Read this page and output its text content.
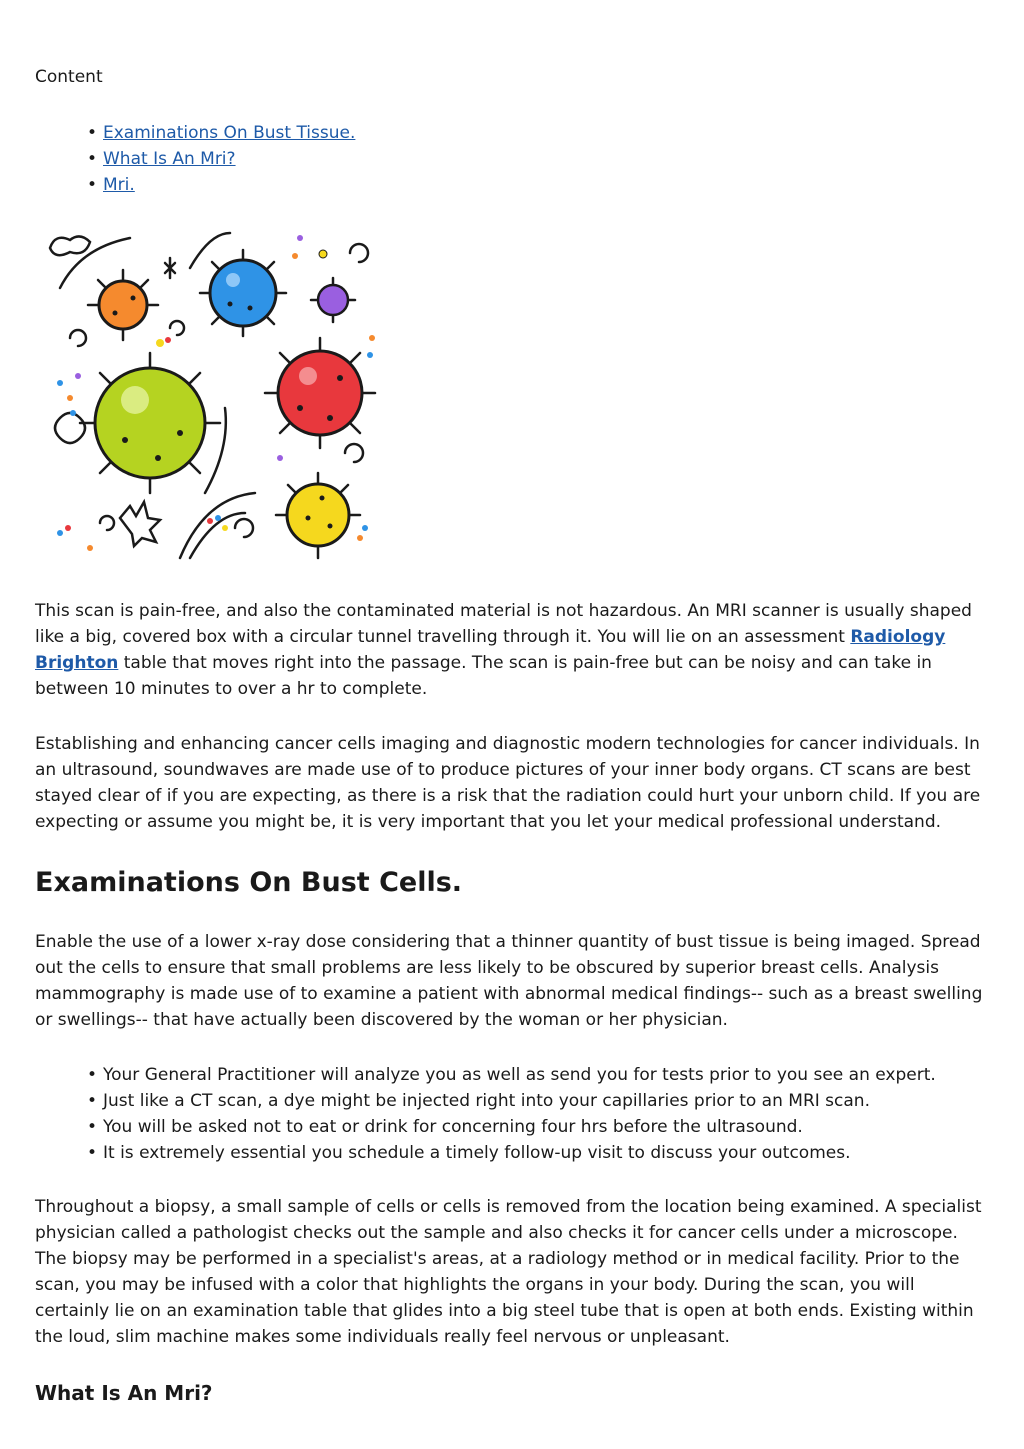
Content
• Examinations On Bust Tissue.
• What Is An Mri?
• Mri.

This scan is pain-free, and also the contaminated material is not hazardous. An MRI scanner is usually shaped like a big, covered box with a circular tunnel travelling through it. You will lie on an assessment Radiology Brighton table that moves right into the passage. The scan is pain-free but can be noisy and can take in between 10 minutes to over a hr to complete.

Establishing and enhancing cancer cells imaging and diagnostic modern technologies for cancer individuals. In an ultrasound, soundwaves are made use of to produce pictures of your inner body organs. CT scans are best stayed clear of if you are expecting, as there is a risk that the radiation could hurt your unborn child. If you are expecting or assume you might be, it is very important that you let your medical professional understand.

Examinations On Bust Cells.

Enable the use of a lower x-ray dose considering that a thinner quantity of bust tissue is being imaged. Spread out the cells to ensure that small problems are less likely to be obscured by superior breast cells. Analysis mammography is made use of to examine a patient with abnormal medical findings-- such as a breast swelling or swellings-- that have actually been discovered by the woman or her physician.

• Your General Practitioner will analyze you as well as send you for tests prior to you see an expert.
• Just like a CT scan, a dye might be injected right into your capillaries prior to an MRI scan.
• You will be asked not to eat or drink for concerning four hrs before the ultrasound.
• It is extremely essential you schedule a timely follow-up visit to discuss your outcomes.

Throughout a biopsy, a small sample of cells or cells is removed from the location being examined. A specialist physician called a pathologist checks out the sample and also checks it for cancer cells under a microscope. The biopsy may be performed in a specialist's areas, at a radiology method or in medical facility. Prior to the scan, you may be infused with a color that highlights the organs in your body. During the scan, you will certainly lie on an examination table that glides into a big steel tube that is open at both ends. Existing within the loud, slim machine makes some individuals really feel nervous or unpleasant.

What Is An Mri?
